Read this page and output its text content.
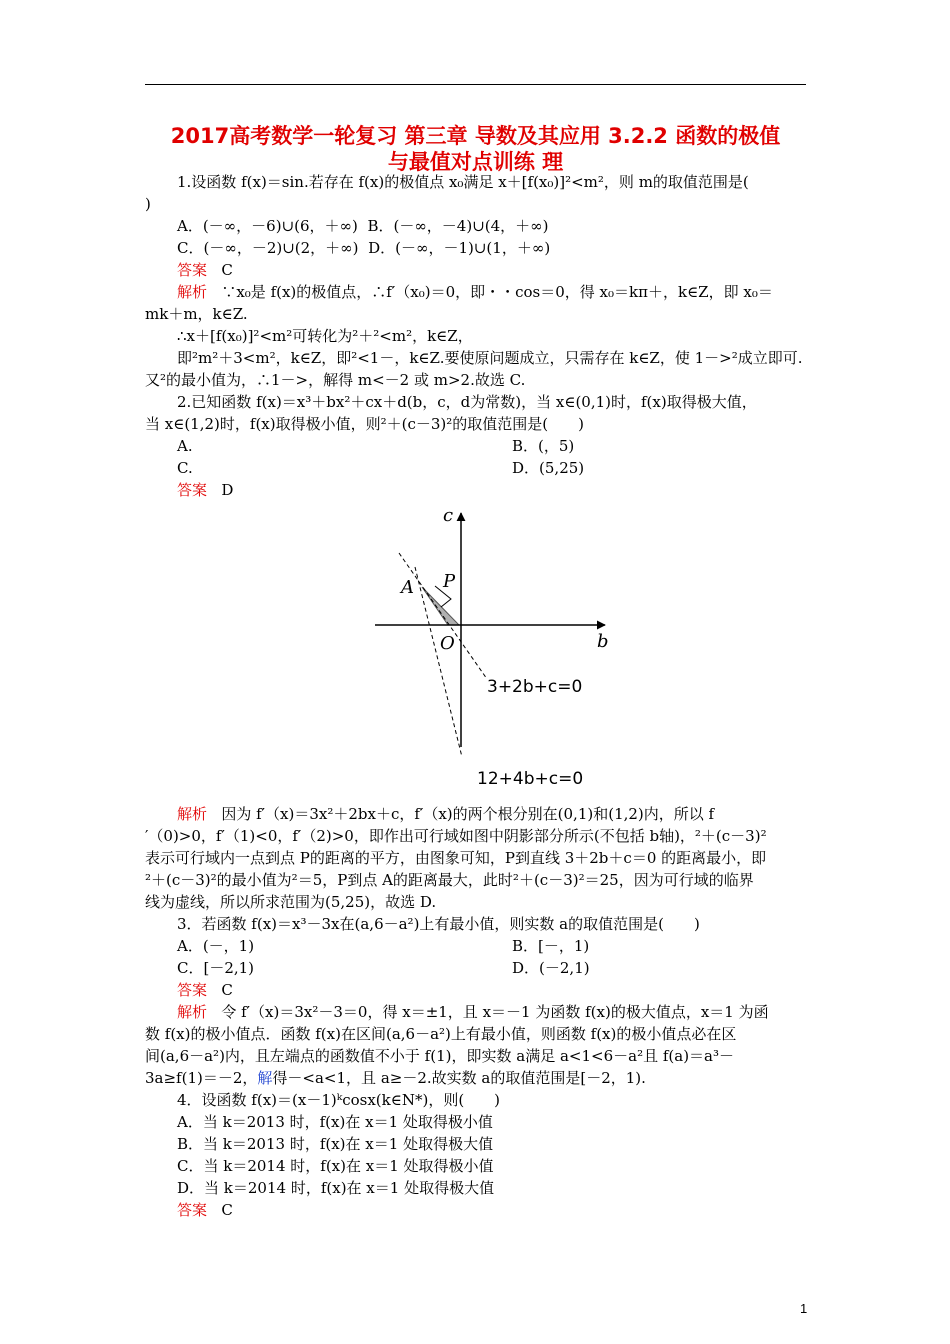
2017高考数学一轮复习 第三章 导数及其应用 3.2.2 函数的极值
与最值对点训练 理
1.设函数 f(x)＝sin.若存在 f(x)的极值点 x₀满足 x＋[f(x₀)]²<m²，则 m的取值范围是(
)
A．(－∞，－6)∪(6，＋∞) B．(－∞，－4)∪(4，＋∞)
C．(－∞，－2)∪(2，＋∞) D．(－∞，－1)∪(1，＋∞)
答案 C
解析 ∵x₀是 f(x)的极值点，∴f′（x₀)＝0，即・・cos＝0，得 x₀＝kπ＋，k∈Z，即 x₀＝
mk＋m，k∈Z.
∴x＋[f(x₀)]²<m²可转化为²＋²<m²，k∈Z，
即²m²＋3<m²，k∈Z，即²<1－，k∈Z.要使原问题成立，只需存在 k∈Z，使 1－>²成立即可.
又²的最小值为，∴1－>，解得 m<－2 或 m>2.故选 C.
2.已知函数 f(x)＝x³＋bx²＋cx＋d(b，c，d为常数)，当 x∈(0,1)时，f(x)取得极大值，
当 x∈(1,2)时，f(x)取得极小值，则²＋(c－3)²的取值范围是(　　)
A.	B．(，5)
C.	D．(5,25)
答案 D
c
b
A P
O
3+2b+c=0
12+4b+c=0
解析 因为 f′（x)＝3x²＋2bx＋c，f′（x)的两个根分别在(0,1)和(1,2)内，所以 f
′（0)>0，f′（1)<0，f′（2)>0，即作出可行域如图中阴影部分所示(不包括 b轴)，²＋(c－3)²
表示可行域内一点到点 P的距离的平方，由图象可知，P到直线 3＋2b＋c＝0 的距离最小，即
²＋(c－3)²的最小值为²＝5，P到点 A的距离最大，此时²＋(c－3)²＝25，因为可行域的临界
线为虚线，所以所求范围为(5,25)，故选 D.
3．若函数 f(x)＝x³－3x在(a,6－a²)上有最小值，则实数 a的取值范围是(　　)
A．(－，1)	B．[－，1)
C．[－2,1)	D．(－2,1)
答案 C
解析 令 f′（x)＝3x²－3＝0，得 x＝±1，且 x＝－1 为函数 f(x)的极大值点，x＝1 为函
数 f(x)的极小值点．函数 f(x)在区间(a,6－a²)上有最小值，则函数 f(x)的极小值点必在区
间(a,6－a²)内，且左端点的函数值不小于 f(1)，即实数 a满足 a<1<6－a²且 f(a)＝a³－
3a≥f(1)＝－2，解得－<a<1，且 a≥－2.故实数 a的取值范围是[－2，1).
4．设函数 f(x)＝(x－1)ᵏcosx(k∈N*)，则(　　)
A．当 k＝2013 时，f(x)在 x＝1 处取得极小值
B．当 k＝2013 时，f(x)在 x＝1 处取得极大值
C．当 k＝2014 时，f(x)在 x＝1 处取得极小值
D．当 k＝2014 时，f(x)在 x＝1 处取得极大值
答案 C
1
